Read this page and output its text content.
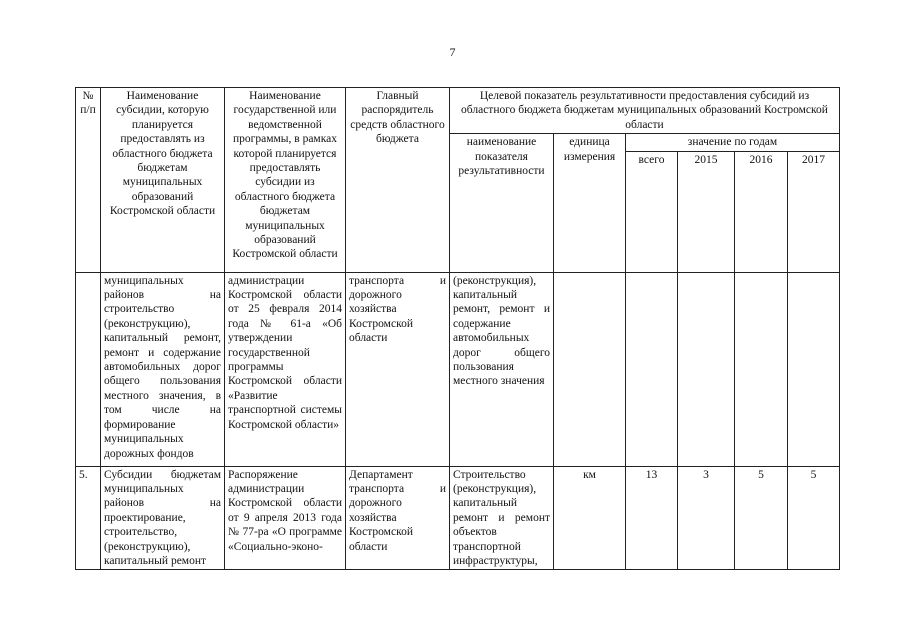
7
№ п/п	Наименование субсидии, которую планируется предоставлять из областного бюджета бюджетам муниципальных образований Костромской области	Наименование государственной или ведомственной программы, в рамках которой планируется предоставлять субсидии из областного бюджета бюджетам муниципальных образований Костромской области	Главный распорядитель средств областного бюджета	Целевой показатель результативности предоставления субсидий из областного бюджета бюджетам муниципальных образований Костромской области					
				наименование показателя результативности	единица измерения	значение по годам			
						всего	2015	2016	2017
	муниципальных районов на строительство (реконструкцию), капитальный ремонт, ремонт и содержание автомобильных дорог общего пользования местного значения, в том числе на формирование муниципальных дорожных фондов	администрации Костромской области от 25 февраля 2014 года № 61-а «Об утверждении государственной программы Костромской области «Развитие транспортной системы Костромской области»	транспорта и дорожного хозяйства Костромской области	(реконструкция), капитальный ремонт, ремонт и содержание автомобильных дорог общего пользования местного значения					
5.	Субсидии бюджетам муниципальных районов на проектирование, строительство, (реконструкцию), капитальный ремонт	Распоряжение администрации Костромской области от 9 апреля 2013 года № 77-ра «О программе «Социально-эконо-	Департамент транспорта и дорожного хозяйства Костромской области	Строительство (реконструкция), капитальный ремонт и ремонт объектов транспортной инфраструктуры,	км	13	3	5	5
